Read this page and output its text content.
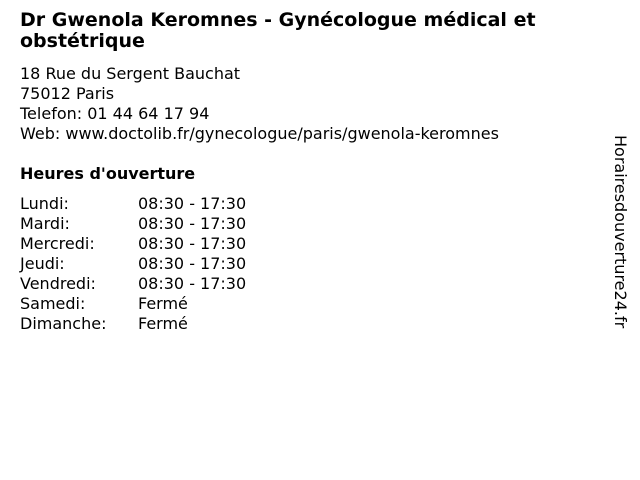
Dr Gwenola Keromnes - Gynécologue médical et obstétrique
18 Rue du Sergent Bauchat
75012 Paris
Telefon: 01 44 64 17 94
Web: www.doctolib.fr/gynecologue/paris/gwenola-keromnes
Heures d'ouverture
Lundi:	08:30 - 17:30
Mardi:	08:30 - 17:30
Mercredi:	08:30 - 17:30
Jeudi:	08:30 - 17:30
Vendredi:	08:30 - 17:30
Samedi:	Fermé
Dimanche: Fermé	Horairesdouverture24.fr
